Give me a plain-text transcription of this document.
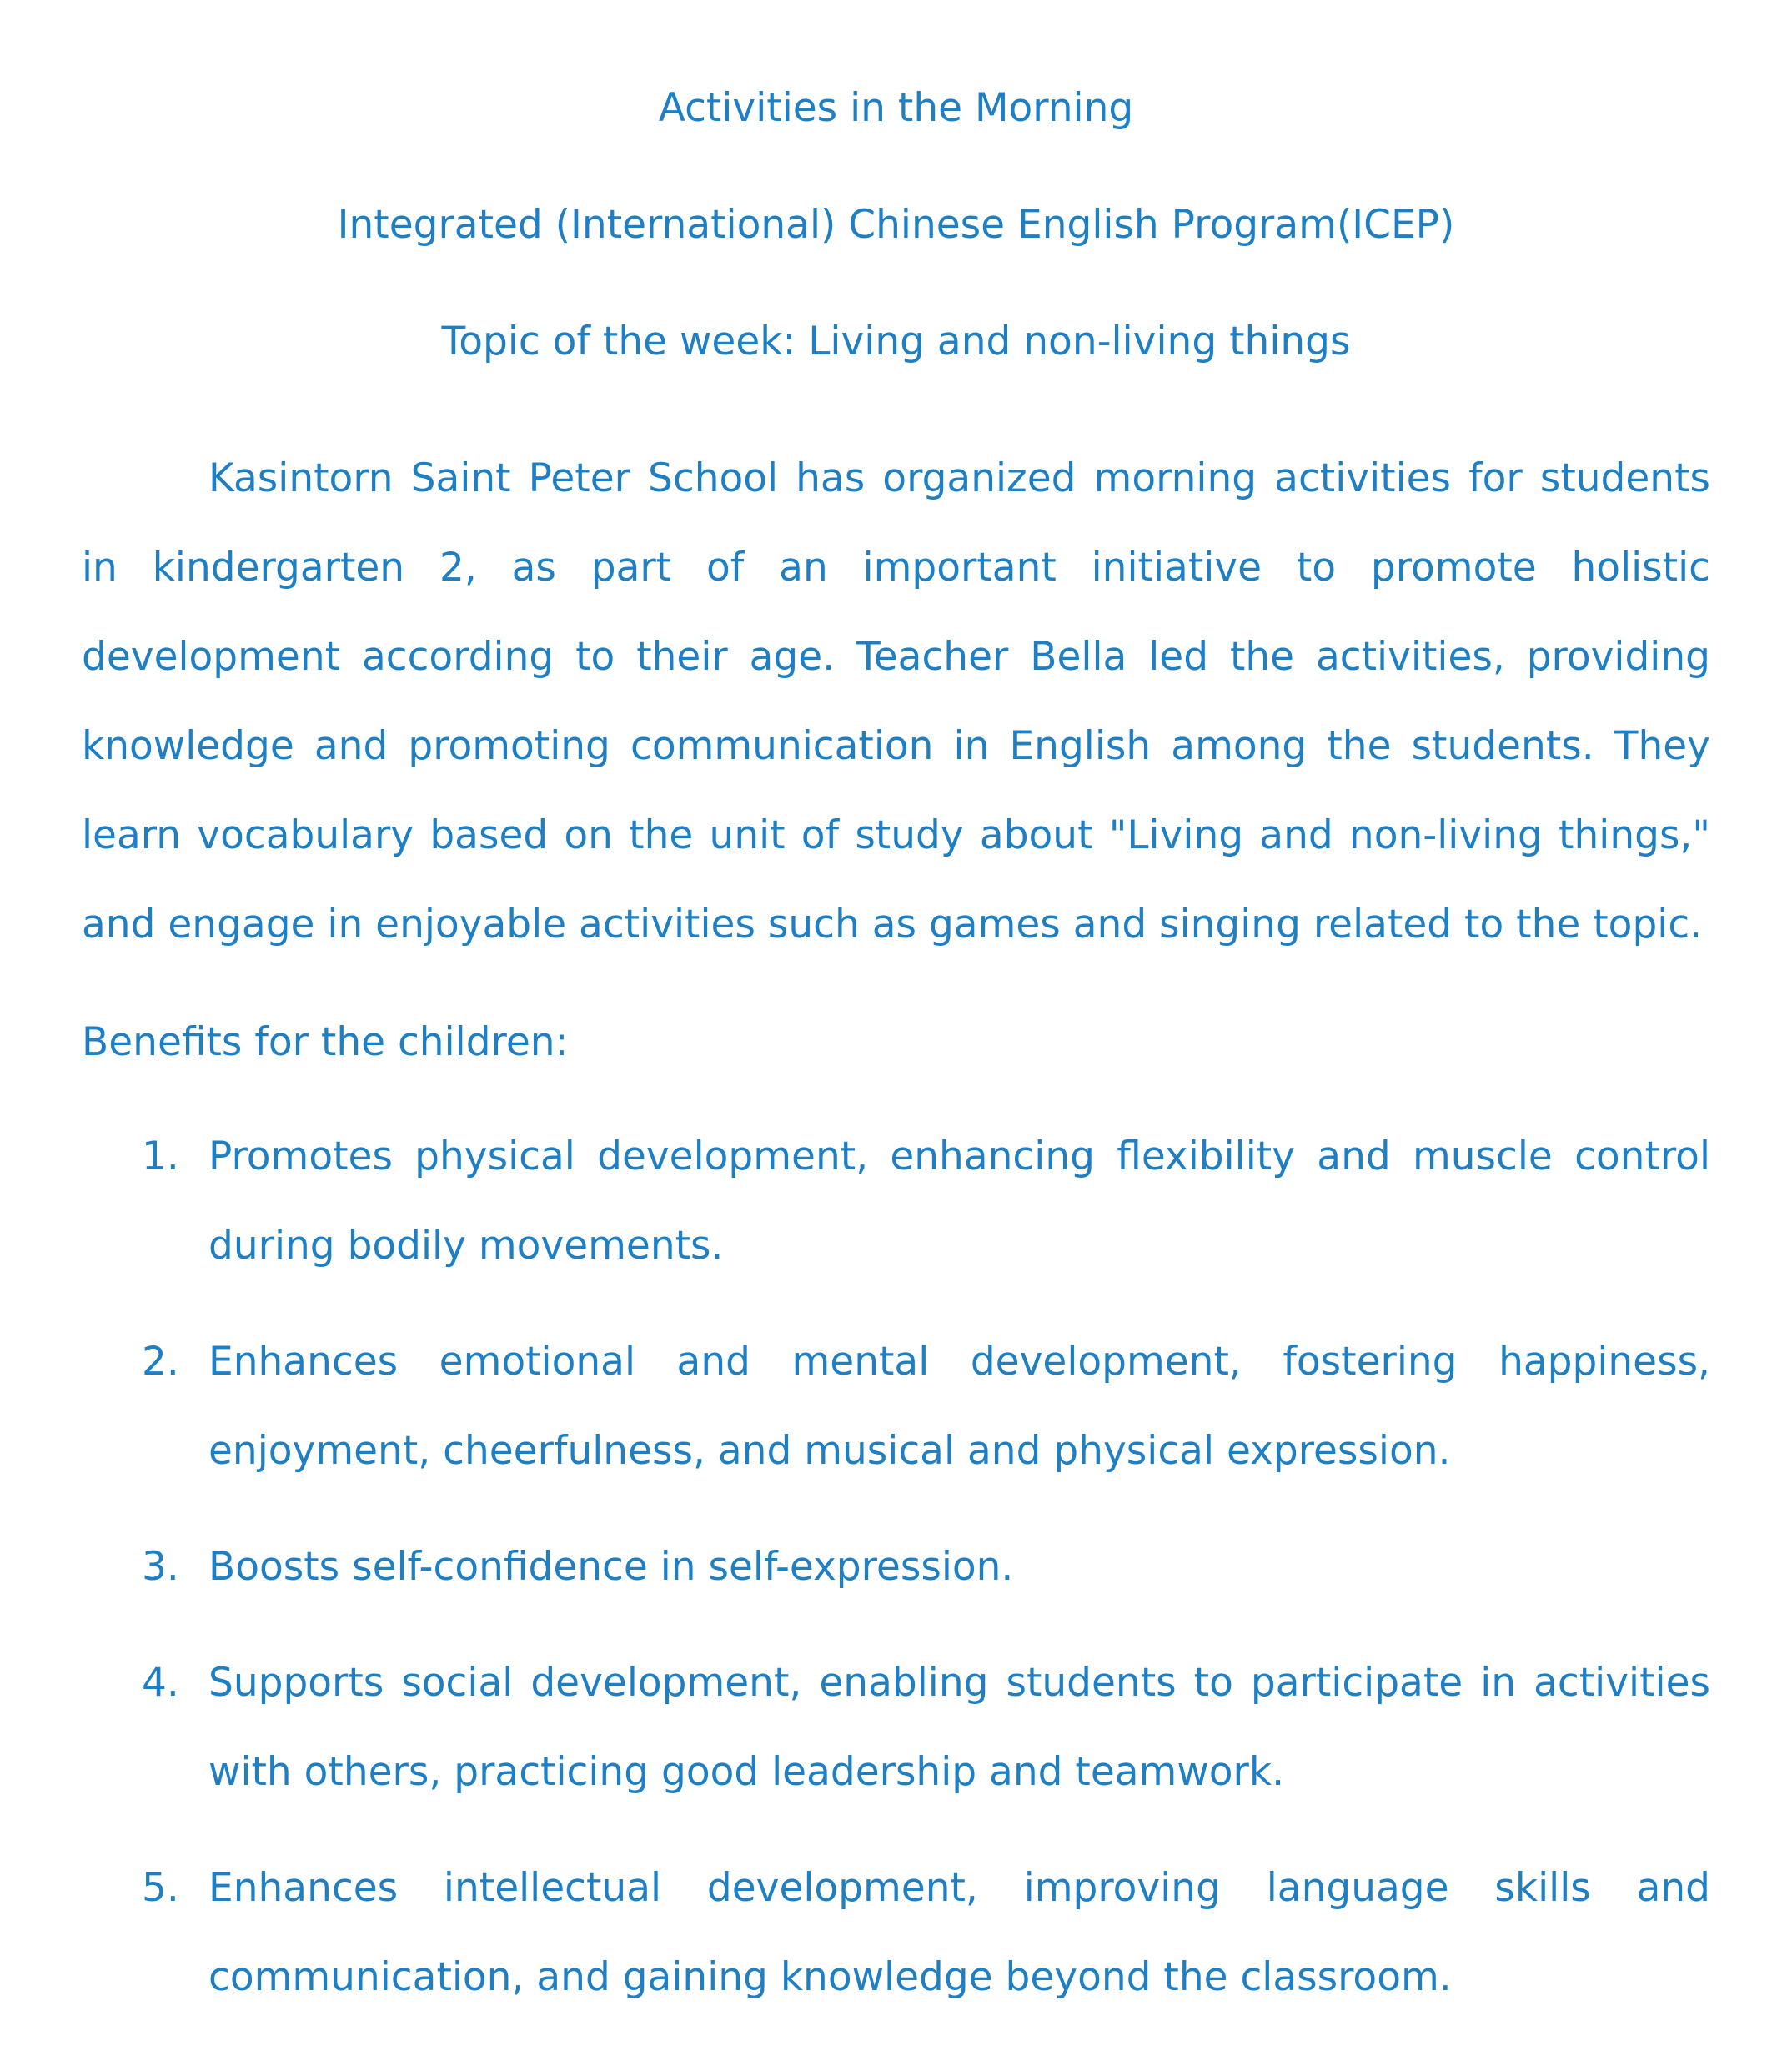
Activities in the Morning
Integrated (International) Chinese English Program(ICEP)
Topic of the week: Living and non-living things

Kasintorn Saint Peter School has organized morning activities for students in kindergarten 2, as part of an important initiative to promote holistic development according to their age. Teacher Bella led the activities, providing knowledge and promoting communication in English among the students. They learn vocabulary based on the unit of study about "Living and non-living things," and engage in enjoyable activities such as games and singing related to the topic.

Benefits for the children:

1. Promotes physical development, enhancing flexibility and muscle control during bodily movements.
2. Enhances emotional and mental development, fostering happiness, enjoyment, cheerfulness, and musical and physical expression.
3. Boosts self-confidence in self-expression.
4. Supports social development, enabling students to participate in activities with others, practicing good leadership and teamwork.
5. Enhances intellectual development, improving language skills and communication, and gaining knowledge beyond the classroom.
